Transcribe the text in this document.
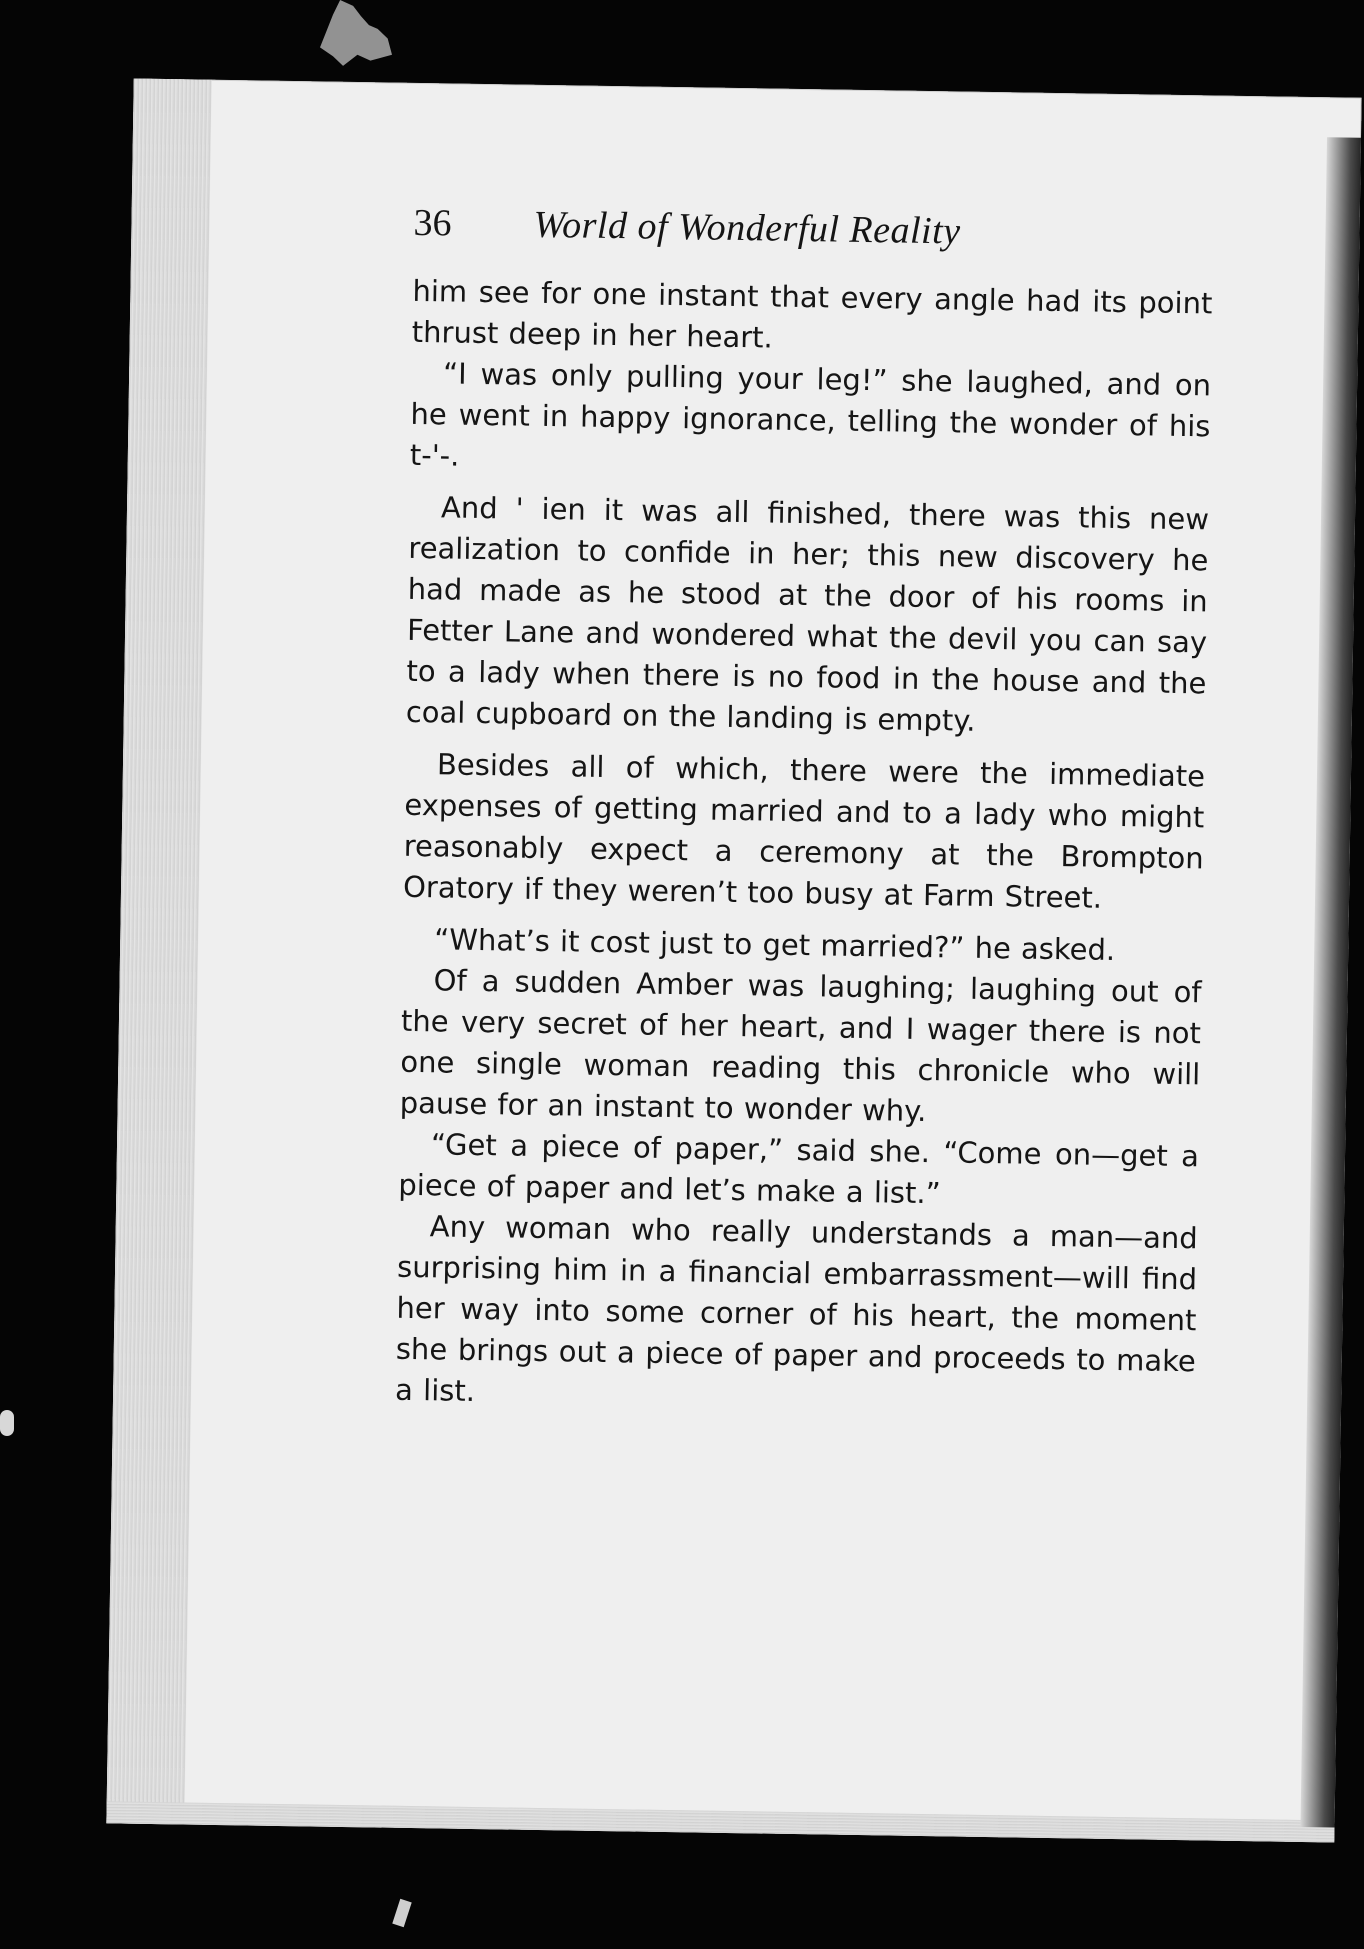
36 World of Wonderful Reality

him see for one instant that every angle had its point thrust deep in her heart.

“I was only pulling your leg!” she laughed, and on he went in happy ignorance, telling the wonder of his t-'-.

And ' ien it was all finished, there was this new realization to confide in her; this new discovery he had made as he stood at the door of his rooms in Fetter Lane and wondered what the devil you can say to a lady when there is no food in the house and the coal cupboard on the landing is empty.

Besides all of which, there were the immediate expenses of getting married and to a lady who might reasonably expect a ceremony at the Brompton Oratory if they weren’t too busy at Farm Street.

“What’s it cost just to get married?” he asked.

Of a sudden Amber was laughing; laughing out of the very secret of her heart, and I wager there is not one single woman reading this chronicle who will pause for an instant to wonder why.

“Get a piece of paper,” said she. “Come on—get a piece of paper and let’s make a list.”

Any woman who really understands a man—and surprising him in a financial embarrassment—will find her way into some corner of his heart, the moment she brings out a piece of paper and proceeds to make a list.
